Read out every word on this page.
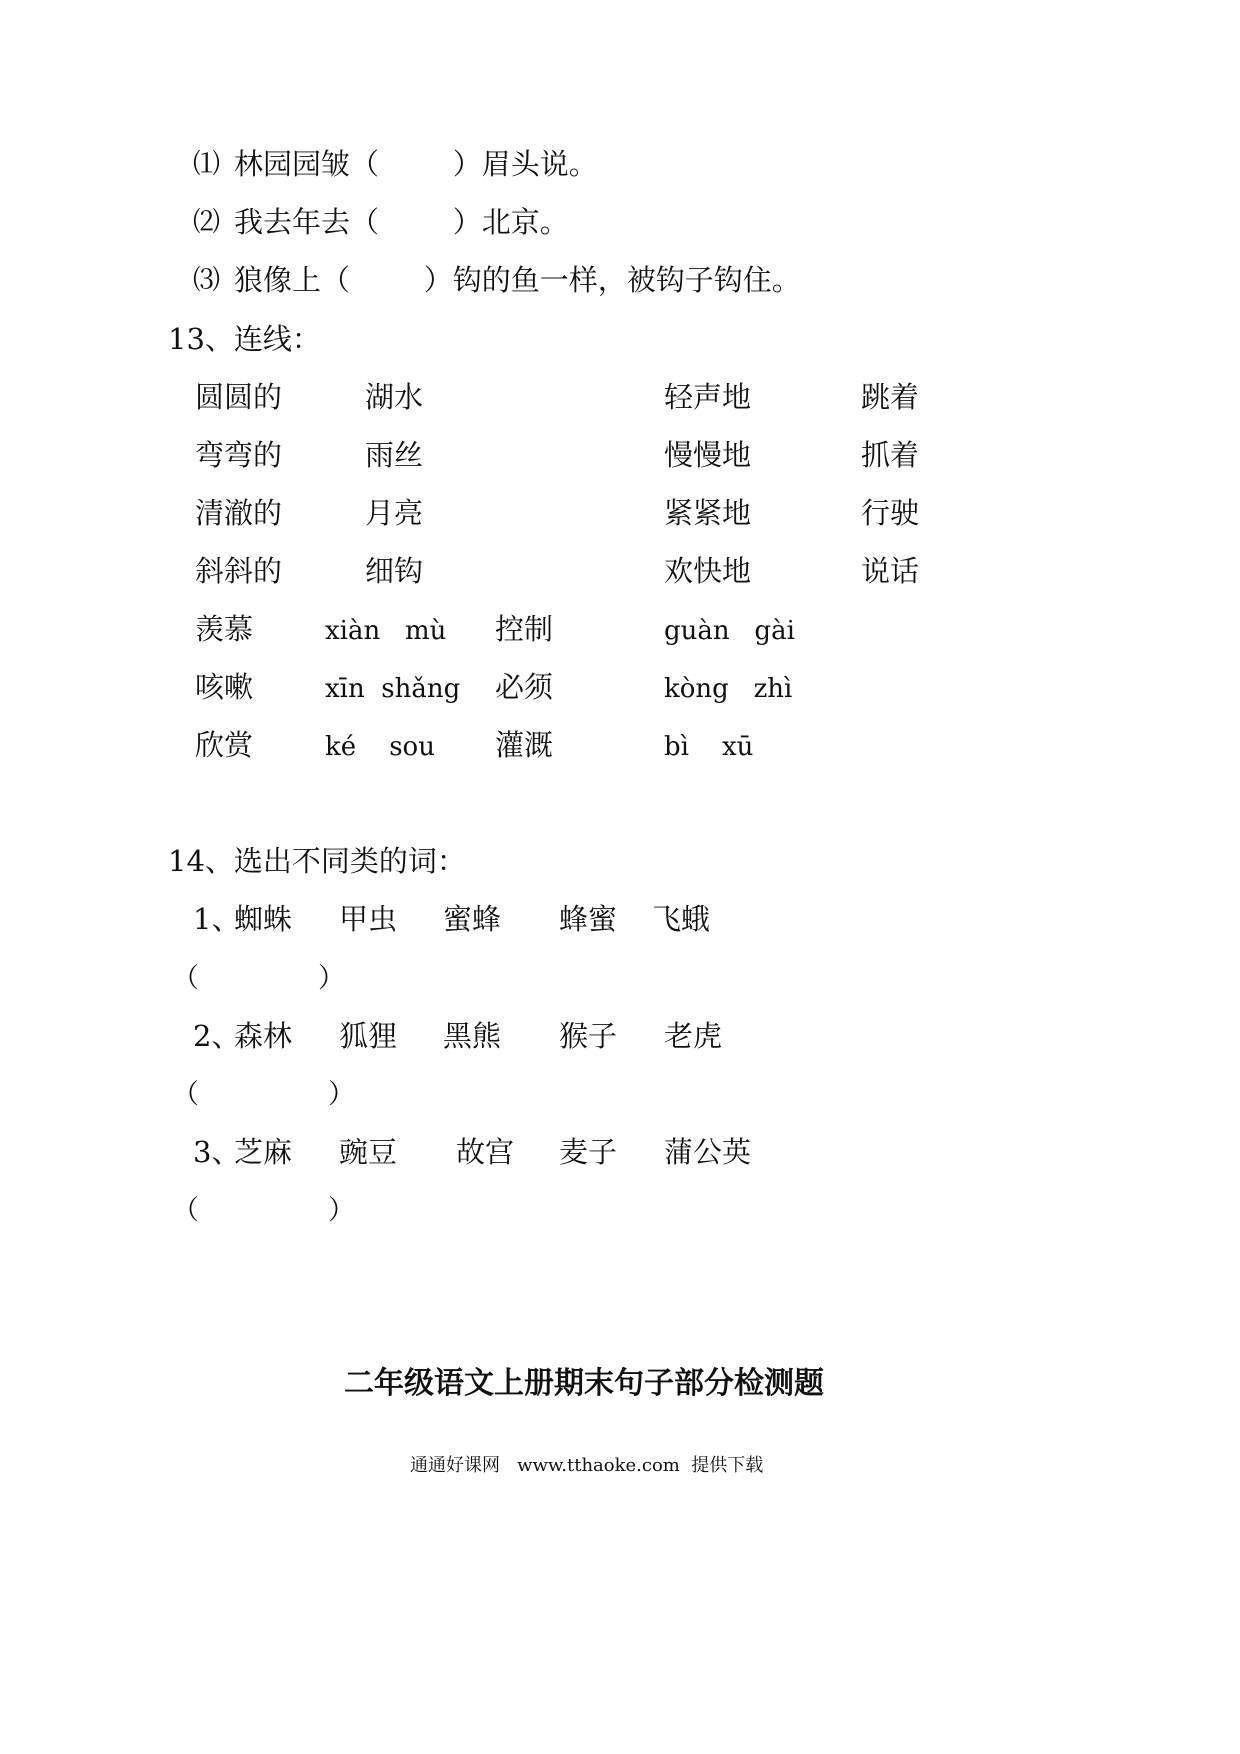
⑴ 林园园皱（        ）眉头说。
⑵ 我去年去（        ）北京。
⑶ 狼像上（        ）钩的鱼一样，被钩子钩住。
13、连线：
圆圆的	湖水	轻声地	跳着
弯弯的	雨丝	慢慢地	抓着
清澈的	月亮	紧紧地	行驶
斜斜的	细钩	欢快地	说话
羡慕	xiàn   mù 控制	guàn   gài
咳嗽	xīn  shǎng 必须	kòng   zhì
欣赏	ké    sou 灌溉	bì    xū
14、选出不同类的词：
1、
蜘蛛 甲虫 蜜蜂 蜂蜜 飞蛾
（	）
2、
森林 狐狸 黑熊 猴子 老虎
（	）
3、
芝麻 豌豆 故宫 麦子 蒲公英
（	）
二年级语文上册期末句子部分检测题
通通好课网   www.tthaoke.com  提供下载
